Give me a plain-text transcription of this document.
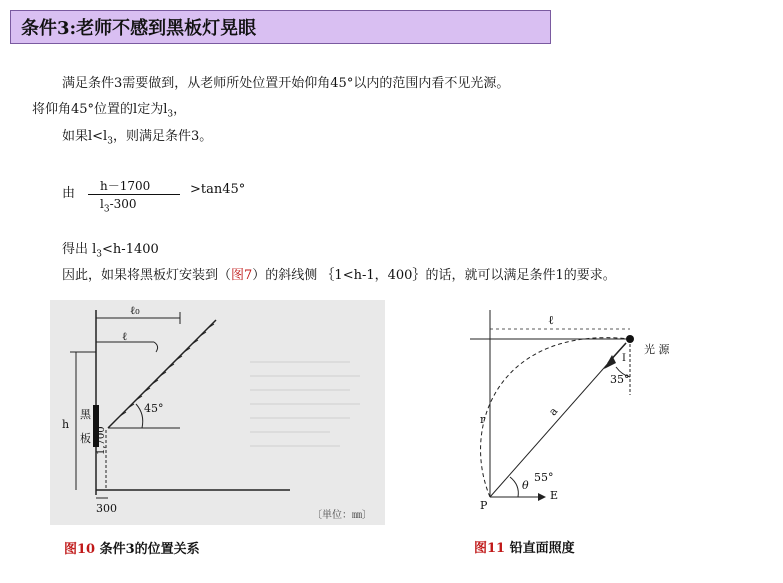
条件3:老师不感到黑板灯晃眼
满足条件3需要做到，从老师所处位置开始仰角45°以内的范围内看不见光源。
将仰角45°位置的l定为$l_3$，
如果$l<l_3$，则满足条件3。
由 h－1700
$l_3-300$
>tan45°
得出 $l_3<h-1400$
因此，如果将黑板灯安装到（图7）的斜线侧 ｛1<h-1，400｝的话，就可以满足条件1的要求。
ℓ₀
ℓ
h
黑
板 1,700
45°
300
〔単位：㎜〕
图10 条件3的位置关系
ℓ
光 源
I
35°
a
r
θ
55°
E
P
图11 铅直面照度
